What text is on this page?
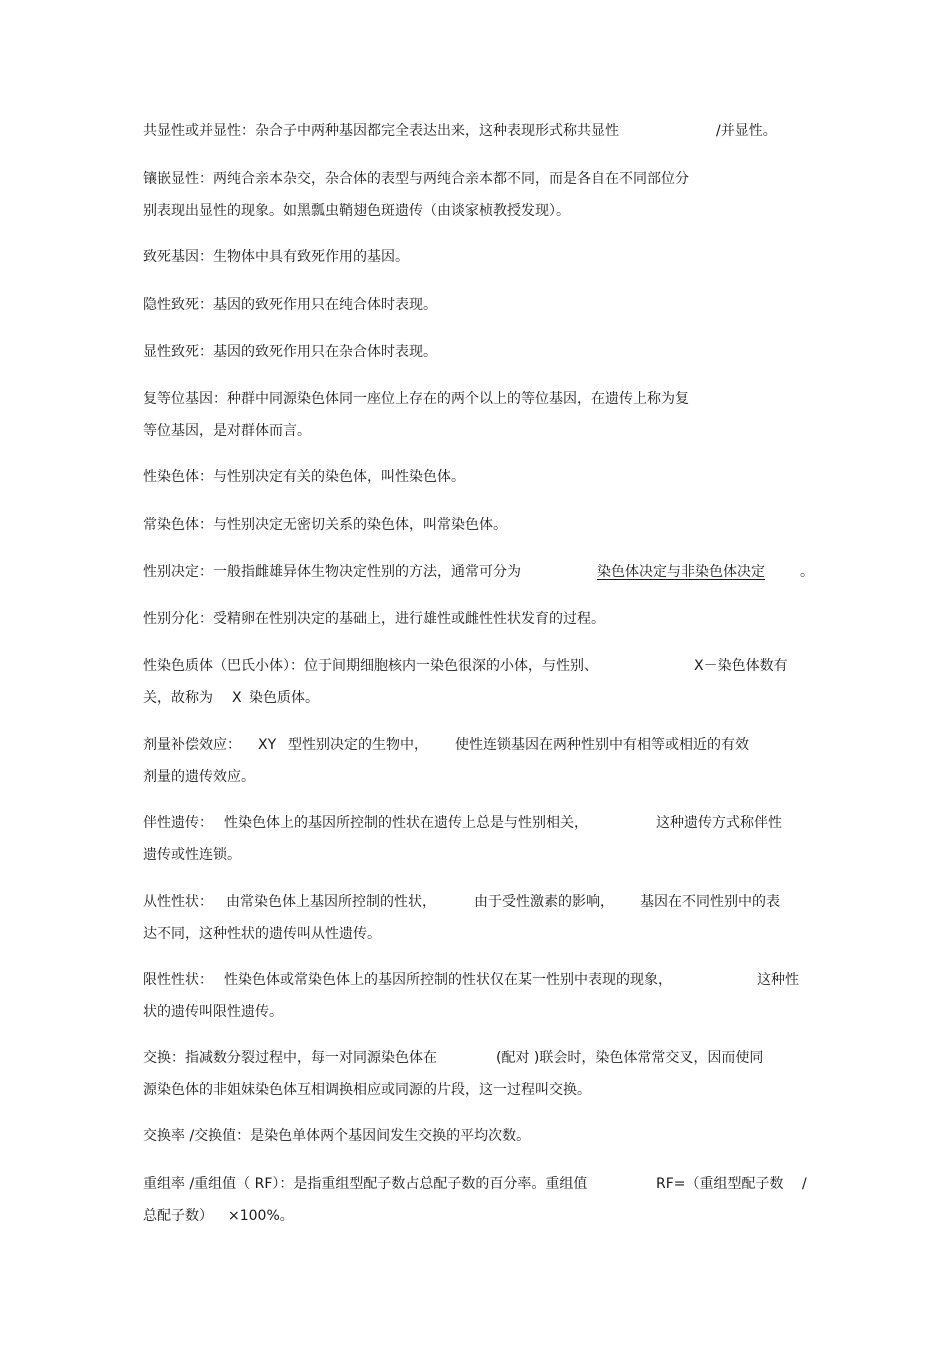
共显性或并显性：杂合子中两种基因都完全表达出来，这种表现形式称共显性	/并显性。
镶嵌显性：两纯合亲本杂交，杂合体的表型与两纯合亲本都不同，而是各自在不同部位分
别表现出显性的现象。如黑瓢虫鞘翅色斑遗传（由谈家桢教授发现）。
致死基因：生物体中具有致死作用的基因。
隐性致死：基因的致死作用只在纯合体时表现。
显性致死：基因的致死作用只在杂合体时表现。
复等位基因：种群中同源染色体同一座位上存在的两个以上的等位基因，在遗传上称为复
等位基因，是对群体而言。
性染色体：与性别决定有关的染色体，叫性染色体。
常染色体：与性别决定无密切关系的染色体，叫常染色体。
性别决定：一般指雌雄异体生物决定性别的方法，通常可分为	染色体决定与非染色体决定	。
性别分化：受精卵在性别决定的基础上，进行雄性或雌性性状发育的过程。
性染色质体（巴氏小体）：位于间期细胞核内一染色很深的小体，与性别、	X－染色体数有
关，故称为 X 染色质体。
剂量补偿效应： XY 型性别决定的生物中， 使性连锁基因在两种性别中有相等或相近的有效
剂量的遗传效应。
伴性遗传： 性染色体上的基因所控制的性状在遗传上总是与性别相关，	这种遗传方式称伴性
遗传或性连锁。
从性性状： 由常染色体上基因所控制的性状，	由于受性激素的影响， 基因在不同性别中的表
达不同，这种性状的遗传叫从性遗传。
限性性状： 性染色体或常染色体上的基因所控制的性状仅在某一性别中表现的现象，	这种性
状的遗传叫限性遗传。
交换：指减数分裂过程中，每一对同源染色体在	(配对 )联会时，染色体常常交叉，因而使同
源染色体的非姐妹染色体互相调换相应或同源的片段，这一过程叫交换。
交换率 /交换值：是染色单体两个基因间发生交换的平均次数。
重组率 /重组值（ RF）：是指重组型配子数占总配子数的百分率。重组值	RF=（重组型配子数 /
总配子数） ×100%。
